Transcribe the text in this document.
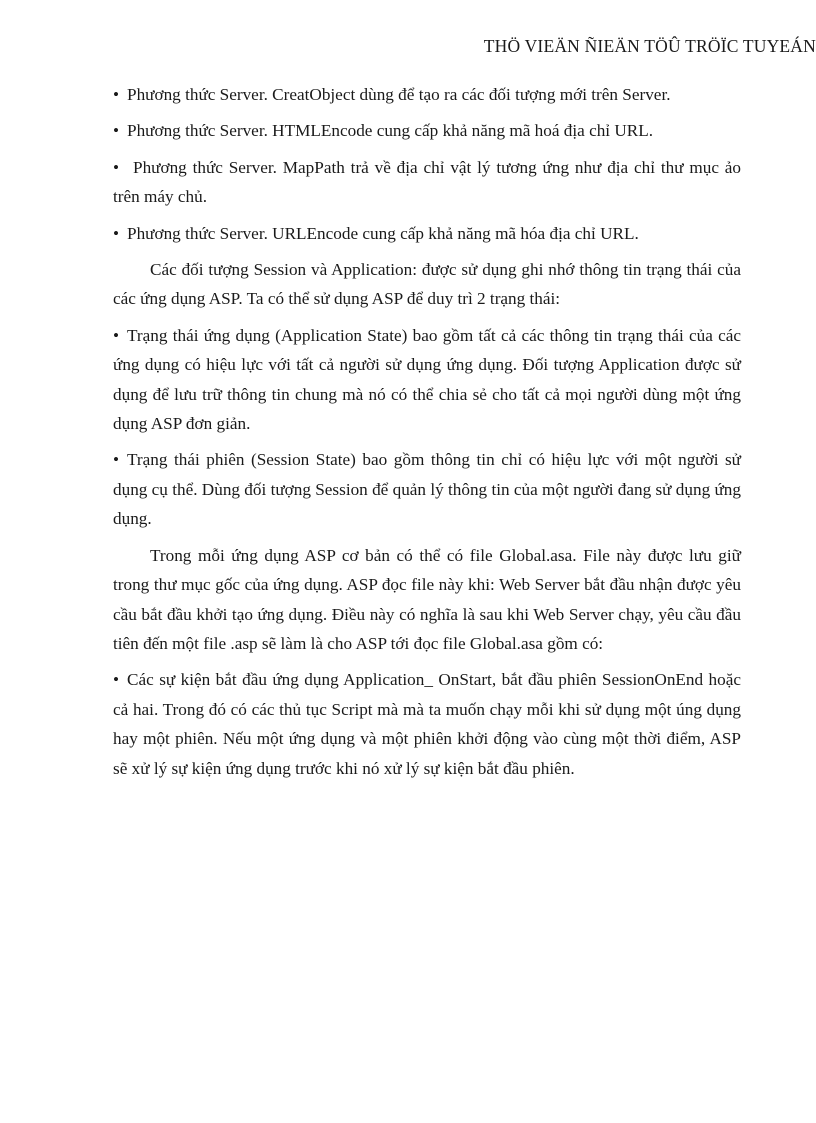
THÖ VIEÄN ÑIEÄN TÖÛ TRÖÏC TUYEÁN

• Phương thức Server. CreatObject dùng để tạo ra các đối tượng mới trên Server.

• Phương thức Server. HTMLEncode cung cấp khả năng mã hoá địa chỉ URL.

• Phương thức Server. MapPath trả về địa chỉ vật lý tương ứng như địa chỉ thư mục ảo trên máy chủ.

• Phương thức Server. URLEncode cung cấp khả năng mã hóa địa chỉ URL.

Các đối tượng Session và Application: được sử dụng ghi nhớ thông tin trạng thái của các ứng dụng ASP. Ta có thể sử dụng ASP để duy trì 2 trạng thái:

• Trạng thái ứng dụng (Application State) bao gồm tất cả các thông tin trạng thái của các ứng dụng có hiệu lực với tất cả người sử dụng ứng dụng. Đối tượng Application được sử dụng để lưu trữ thông tin chung mà nó có thể chia sẻ cho tất cả mọi người dùng một ứng dụng ASP đơn giản.

• Trạng thái phiên (Session State) bao gồm thông tin chỉ có hiệu lực với một người sử dụng cụ thể. Dùng đối tượng Session để quản lý thông tin của một người đang sử dụng ứng dụng.

Trong mỗi ứng dụng ASP cơ bản có thể có file Global.asa. File này được lưu giữ trong thư mục gốc của ứng dụng. ASP đọc file này khi: Web Server bắt đầu nhận được yêu cầu bắt đầu khởi tạo ứng dụng. Điều này có nghĩa là sau khi Web Server chạy, yêu cầu đầu tiên đến một file .asp sẽ làm là cho ASP tới đọc file Global.asa gồm có:

• Các sự kiện bắt đầu ứng dụng Application_ OnStart, bắt đầu phiên SessionOnEnd hoặc cả hai. Trong đó có các thủ tục Script mà mà ta muốn chạy mỗi khi sử dụng một úng dụng hay một phiên. Nếu một ứng dụng và một phiên khởi động vào cùng một thời điểm, ASP sẽ xử lý sự kiện ứng dụng trước khi nó xử lý sự kiện bắt đầu phiên.
